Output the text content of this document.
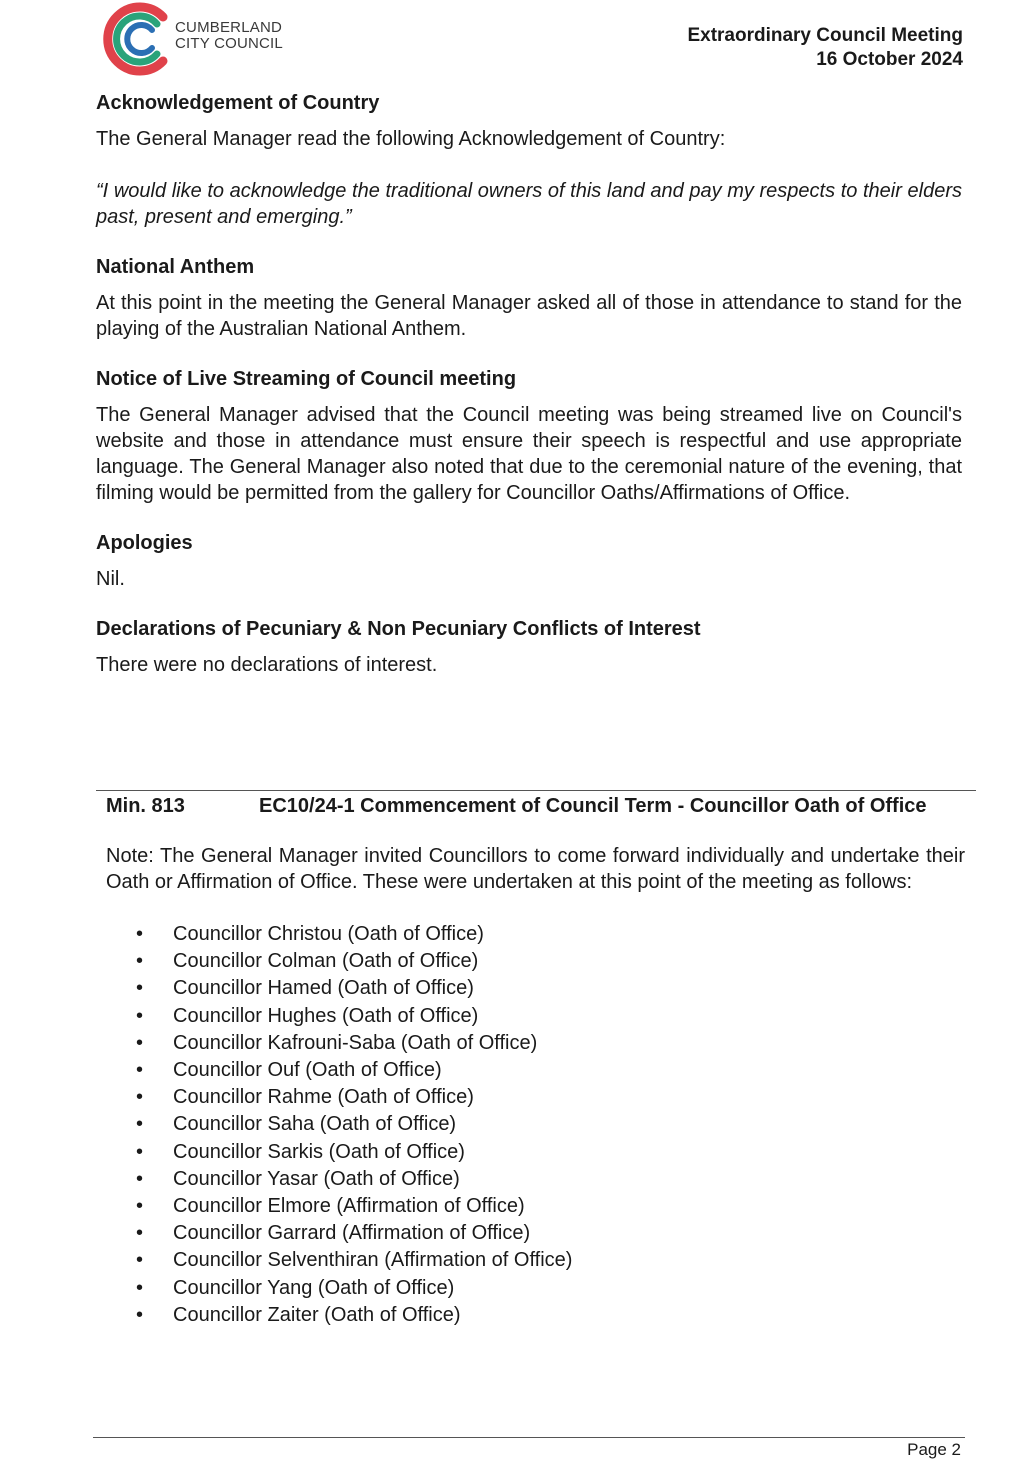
CUMBERLAND
CITY COUNCIL	Extraordinary Council Meeting
16 October 2024
Acknowledgement of Country

The General Manager read the following Acknowledgement of Country:

“I would like to acknowledge the traditional owners of this land and pay my respects to their elders past, present and emerging.”

National Anthem

At this point in the meeting the General Manager asked all of those in attendance to stand for the playing of the Australian National Anthem.

Notice of Live Streaming of Council meeting

The General Manager advised that the Council meeting was being streamed live on Council's website and those in attendance must ensure their speech is respectful and use appropriate language. The General Manager also noted that due to the ceremonial nature of the evening, that filming would be permitted from the gallery for Councillor Oaths/Affirmations of Office.

Apologies

Nil.

Declarations of Pecuniary & Non Pecuniary Conflicts of Interest

There were no declarations of interest.

Min. 813	EC10/24-1 Commencement of Council Term - Councillor Oath of Office

Note: The General Manager invited Councillors to come forward individually and undertake their Oath or Affirmation of Office. These were undertaken at this point of the meeting as follows:

• Councillor Christou (Oath of Office)
• Councillor Colman (Oath of Office)
• Councillor Hamed (Oath of Office)
• Councillor Hughes (Oath of Office)
• Councillor Kafrouni-Saba (Oath of Office)
• Councillor Ouf (Oath of Office)
• Councillor Rahme (Oath of Office)
• Councillor Saha (Oath of Office)
• Councillor Sarkis (Oath of Office)
• Councillor Yasar (Oath of Office)
• Councillor Elmore (Affirmation of Office)
• Councillor Garrard (Affirmation of Office)
• Councillor Selventhiran (Affirmation of Office)
• Councillor Yang (Oath of Office)
• Councillor Zaiter (Oath of Office)
Page 2
